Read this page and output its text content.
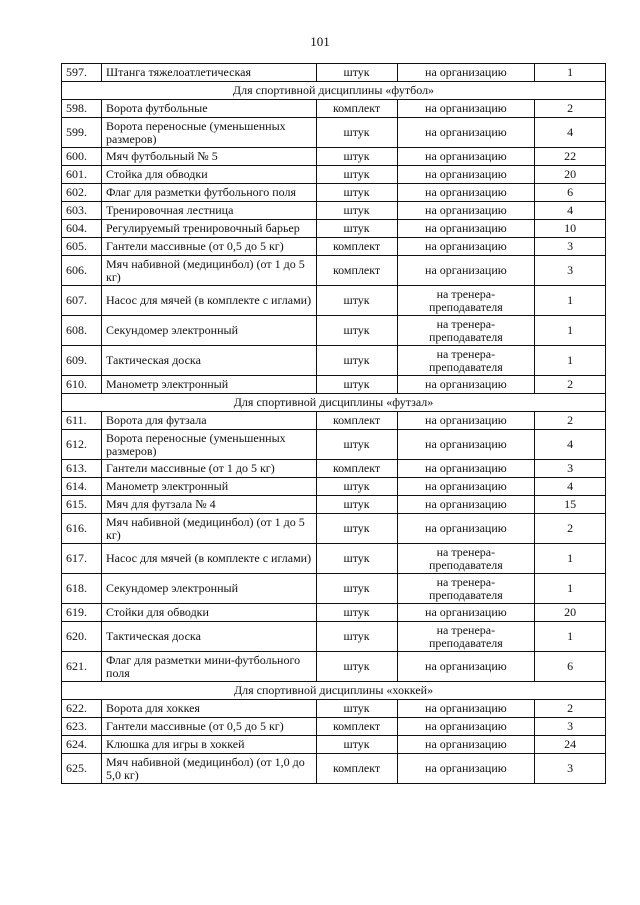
101
597.	Штанга тяжелоатлетическая	штук	на организацию	1
Для спортивной дисциплины «футбол»				
598.	Ворота футбольные	комплект	на организацию	2
599.	Ворота переносные (уменьшенных размеров)	штук	на организацию	4
600.	Мяч футбольный № 5	штук	на организацию	22
601.	Стойка для обводки	штук	на организацию	20
602.	Флаг для разметки футбольного поля	штук	на организацию	6
603.	Тренировочная лестница	штук	на организацию	4
604.	Регулируемый тренировочный барьер	штук	на организацию	10
605.	Гантели массивные (от 0,5 до 5 кг)	комплект	на организацию	3
606.	Мяч набивной (медицинбол) (от 1 до 5 кг)	комплект	на организацию	3
607.	Насос для мячей (в комплекте с иглами)	штук	на тренера-преподавателя	1
608.	Секундомер электронный	штук	на тренера-преподавателя	1
609.	Тактическая доска	штук	на тренера-преподавателя	1
610.	Манометр электронный	штук	на организацию	2
Для спортивной дисциплины «футзал»				
611.	Ворота для футзала	комплект	на организацию	2
612.	Ворота переносные (уменьшенных размеров)	штук	на организацию	4
613.	Гантели массивные (от 1 до 5 кг)	комплект	на организацию	3
614.	Манометр электронный	штук	на организацию	4
615.	Мяч для футзала № 4	штук	на организацию	15
616.	Мяч набивной (медицинбол) (от 1 до 5 кг)	штук	на организацию	2
617.	Насос для мячей (в комплекте с иглами)	штук	на тренера-преподавателя	1
618.	Секундомер электронный	штук	на тренера-преподавателя	1
619.	Стойки для обводки	штук	на организацию	20
620.	Тактическая доска	штук	на тренера-преподавателя	1
621.	Флаг для разметки мини-футбольного поля	штук	на организацию	6
Для спортивной дисциплины «хоккей»				
622.	Ворота для хоккея	штук	на организацию	2
623.	Гантели массивные (от 0,5 до 5 кг)	комплект	на организацию	3
624.	Клюшка для игры в хоккей	штук	на организацию	24
625.	Мяч набивной (медицинбол) (от 1,0 до 5,0 кг)	комплект	на организацию	3
